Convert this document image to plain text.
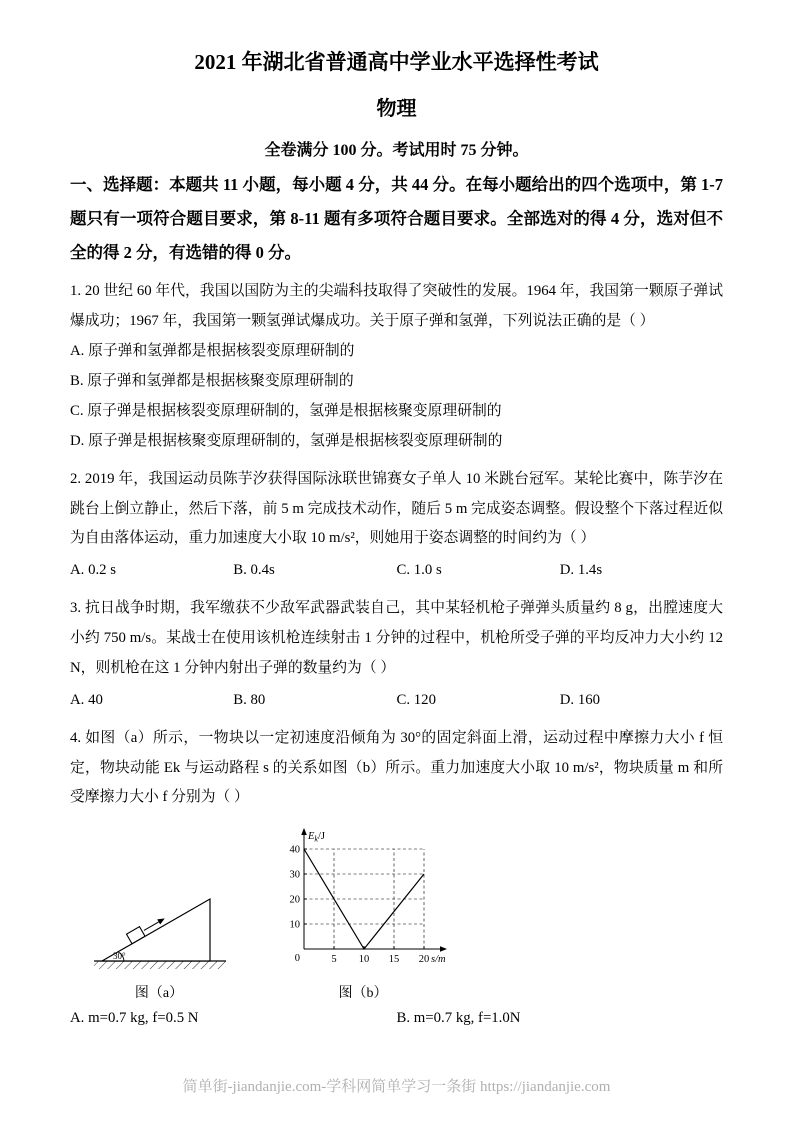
2021 年湖北省普通高中学业水平选择性考试
物理
全卷满分 100 分。考试用时 75 分钟。
一、选择题：本题共 11 小题，每小题 4 分，共 44 分。在每小题给出的四个选项中，第 1-7 题只有一项符合题目要求，第 8-11 题有多项符合题目要求。全部选对的得 4 分，选对但不全的得 2 分，有选错的得 0 分。

1. 20 世纪 60 年代，我国以国防为主的尖端科技取得了突破性的发展。1964 年，我国第一颗原子弹试爆成功；1967 年，我国第一颗氢弹试爆成功。关于原子弹和氢弹，下列说法正确的是（ ）

A. 原子弹和氢弹都是根据核裂变原理研制的

B. 原子弹和氢弹都是根据核聚变原理研制的

C. 原子弹是根据核裂变原理研制的，氢弹是根据核聚变原理研制的

D. 原子弹是根据核聚变原理研制的，氢弹是根据核裂变原理研制的

2. 2019 年，我国运动员陈芋汐获得国际泳联世锦赛女子单人 10 米跳台冠军。某轮比赛中，陈芋汐在跳台上倒立静止，然后下落，前 5 m 完成技术动作，随后 5 m 完成姿态调整。假设整个下落过程近似为自由落体运动，重力加速度大小取 10 m/s²，则她用于姿态调整的时间约为（ ）

A. 0.2 s	B. 0.4s	C. 1.0 s	D. 1.4s

3. 抗日战争时期，我军缴获不少敌军武器武装自己，其中某轻机枪子弹弹头质量约 8 g，出膛速度大小约 750 m/s。某战士在使用该机枪连续射击 1 分钟的过程中，机枪所受子弹的平均反冲力大小约 12 N，则机枪在这 1 分钟内射出子弹的数量约为（ ）

A. 40	B. 80	C. 120	D. 160

4. 如图（a）所示，一物块以一定初速度沿倾角为 30°的固定斜面上滑，运动过程中摩擦力大小 f 恒定，物块动能 Ek 与运动路程 s 的关系如图（b）所示。重力加速度大小取 10 m/s²，物块质量 m 和所受摩擦力大小 f 分别为（ ）

30°
图（a）
5 10 15 20
10
20
30
40
0
$E_k/J$
s/m
图（b）
A. m=0.7 kg, f=0.5 N	B. m=0.7 kg, f=1.0N
简单街-jiandanjie.com-学科网简单学习一条街 https://jiandanjie.com
